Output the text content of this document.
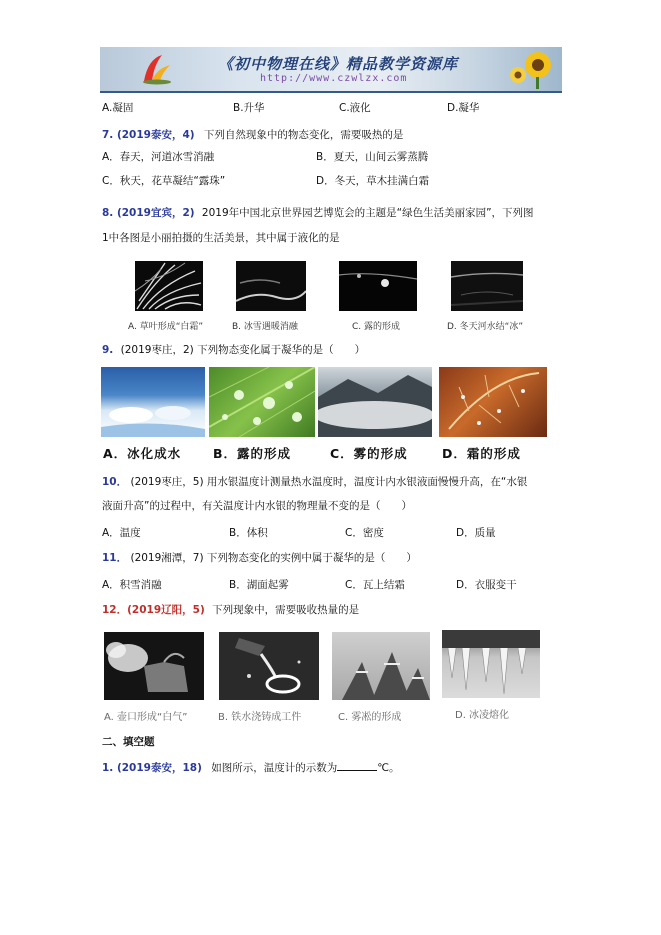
《初中物理在线》精品教学资源库
http://www.czwlzx.com
A.凝固	B.升华	C.液化	D.凝华
7. (2019泰安，4) 下列自然现象中的物态变化，需要吸热的是
A．春天，河道冰雪消融	B．夏天，山间云雾蒸腾
C．秋天，花草凝结“露珠”	D．冬天，草木挂满白霜
8. (2019宜宾，2) 2019年中国北京世界园艺博览会的主题是“绿色生活美丽家园”，下列图
1中各图是小丽拍摄的生活美景，其中属于液化的是
A. 草叶形成“白霜”	B. 冰雪遇暖消融	C. 露的形成	D. 冬天河水结“冰”
9. (2019枣庄，2) 下列物态变化属于凝华的是（　　）
A．冰化成水	B．露的形成	C．雾的形成	D．霜的形成
10． (2019枣庄，5) 用水银温度计测量热水温度时，温度计内水银液面慢慢升高，在“水银
液面升高”的过程中，有关温度计内水银的物理量不变的是（　　）
A．温度	B．体积	C．密度	D．质量
11． (2019湘潭，7) 下列物态变化的实例中属于凝华的是（　　）
A．积雪消融	B．湖面起雾	C．瓦上结霜	D．衣服变干
12．(2019辽阳，5) 下列现象中，需要吸收热量的是
A. 壶口形成“白气”	B. 铁水浇铸成工件	C. 雾凇的形成	D. 冰凌熔化
二、填空题
1. (2019泰安，18) 如图所示，温度计的示数为	℃。
